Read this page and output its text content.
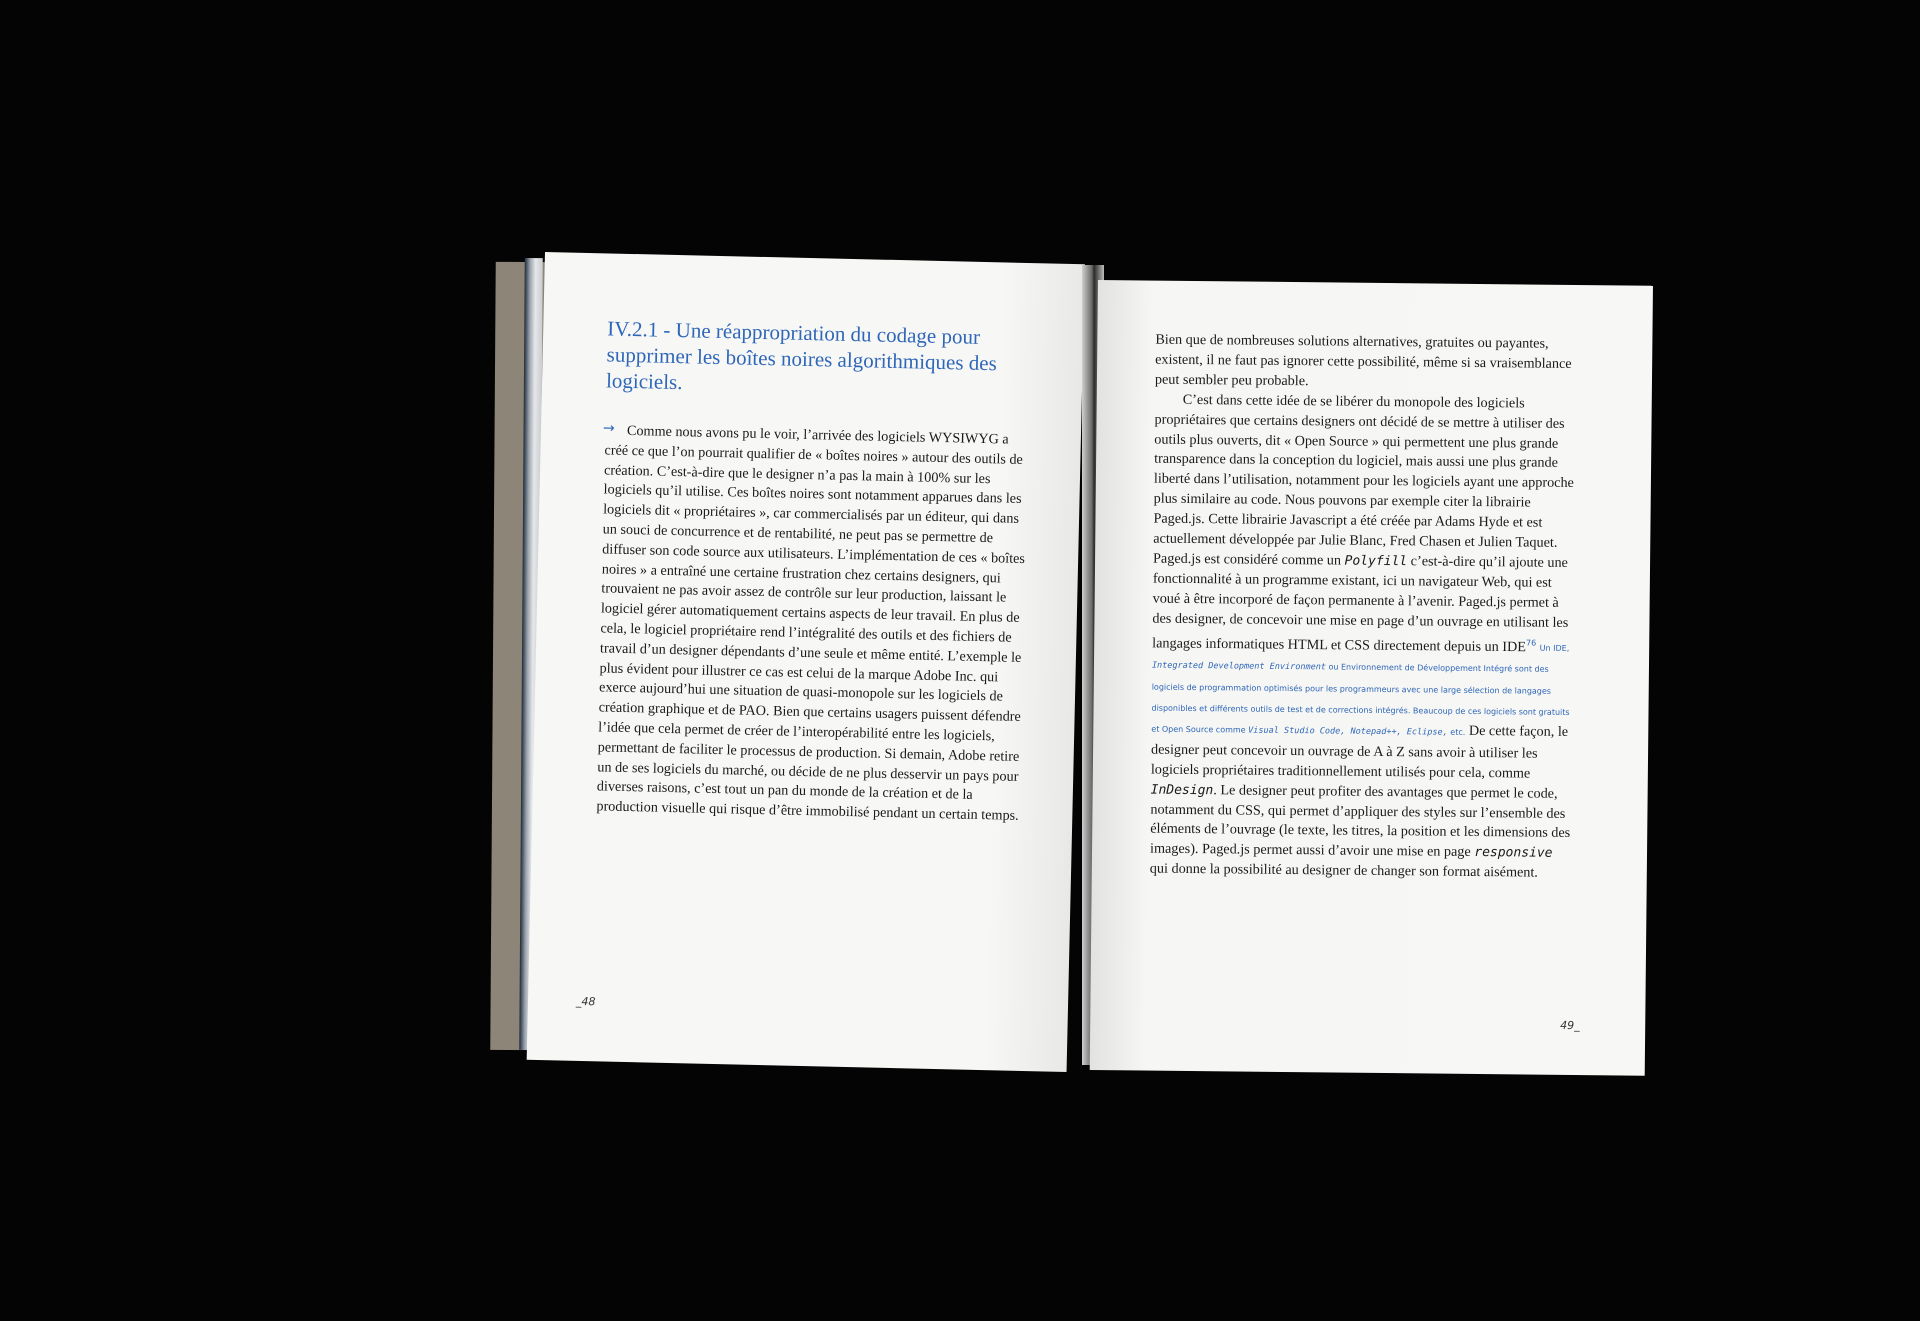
IV.2.1 - Une réappropriation du codage pour supprimer les boîtes noires algorithmiques des logiciels.
→ Comme nous avons pu le voir, l’arrivée des logiciels WYSIWYG a créé ce que l’on pourrait qualifier de « boîtes noires » autour des outils de création. C’est-à-dire que le designer n’a pas la main à 100% sur les logiciels qu’il utilise. Ces boîtes noires sont notamment apparues dans les logiciels dit « propriétaires », car commercialisés par un éditeur, qui dans un souci de concurrence et de rentabilité, ne peut pas se permettre de diffuser son code source aux utilisateurs. L’implémentation de ces « boîtes noires » a entraîné une certaine frustration chez certains designers, qui trouvaient ne pas avoir assez de contrôle sur leur production, laissant le logiciel gérer automatiquement certains aspects de leur travail. En plus de cela, le logiciel propriétaire rend l’intégralité des outils et des fichiers de travail d’un designer dépendants d’une seule et même entité. L’exemple le plus évident pour illustrer ce cas est celui de la marque Adobe Inc. qui exerce aujourd’hui une situation de quasi-monopole sur les logiciels de création graphique et de PAO. Bien que certains usagers puissent défendre l’idée que cela permet de créer de l’interopérabilité entre les logiciels, permettant de faciliter le processus de production. Si demain, Adobe retire un de ses logiciels du marché, ou décide de ne plus desservir un pays pour diverses raisons, c’est tout un pan du monde de la création et de la production visuelle qui risque d’être immobilisé pendant un certain temps.

_48

Bien que de nombreuses solutions alternatives, gratuites ou payantes, existent, il ne faut pas ignorer cette possibilité, même si sa vraisemblance peut sembler peu probable.

C’est dans cette idée de se libérer du monopole des logiciels propriétaires que certains designers ont décidé de se mettre à utiliser des outils plus ouverts, dit « Open Source » qui permettent une plus grande transparence dans la conception du logiciel, mais aussi une plus grande liberté dans l’utilisation, notamment pour les logiciels ayant une approche plus similaire au code. Nous pouvons par exemple citer la librairie Paged.js. Cette librairie Javascript a été créée par Adams Hyde et est actuellement développée par Julie Blanc, Fred Chasen et Julien Taquet. Paged.js est considéré comme un Polyfill c’est-à-dire qu’il ajoute une fonctionnalité à un programme existant, ici un navigateur Web, qui est voué à être incorporé de façon permanente à l’avenir. Paged.js permet à des designer, de concevoir une mise en page d’un ouvrage en utilisant les langages informatiques HTML et CSS directement depuis un IDE$^{76}$ Un IDE, Integrated Development Environment ou Environnement de Développement Intégré sont des logiciels de programmation optimisés pour les programmeurs avec une large sélection de langages disponibles et différents outils de test et de corrections intégrés. Beaucoup de ces logiciels sont gratuits et Open Source comme Visual Studio Code, Notepad++, Eclipse, etc. De cette façon, le designer peut concevoir un ouvrage de A à Z sans avoir à utiliser les logiciels propriétaires traditionnellement utilisés pour cela, comme InDesign. Le designer peut profiter des avantages que permet le code, notamment du CSS, qui permet d’appliquer des styles sur l’ensemble des éléments de l’ouvrage (le texte, les titres, la position et les dimensions des images). Paged.js permet aussi d’avoir une mise en page responsive qui donne la possibilité au designer de changer son format aisément.

49_
